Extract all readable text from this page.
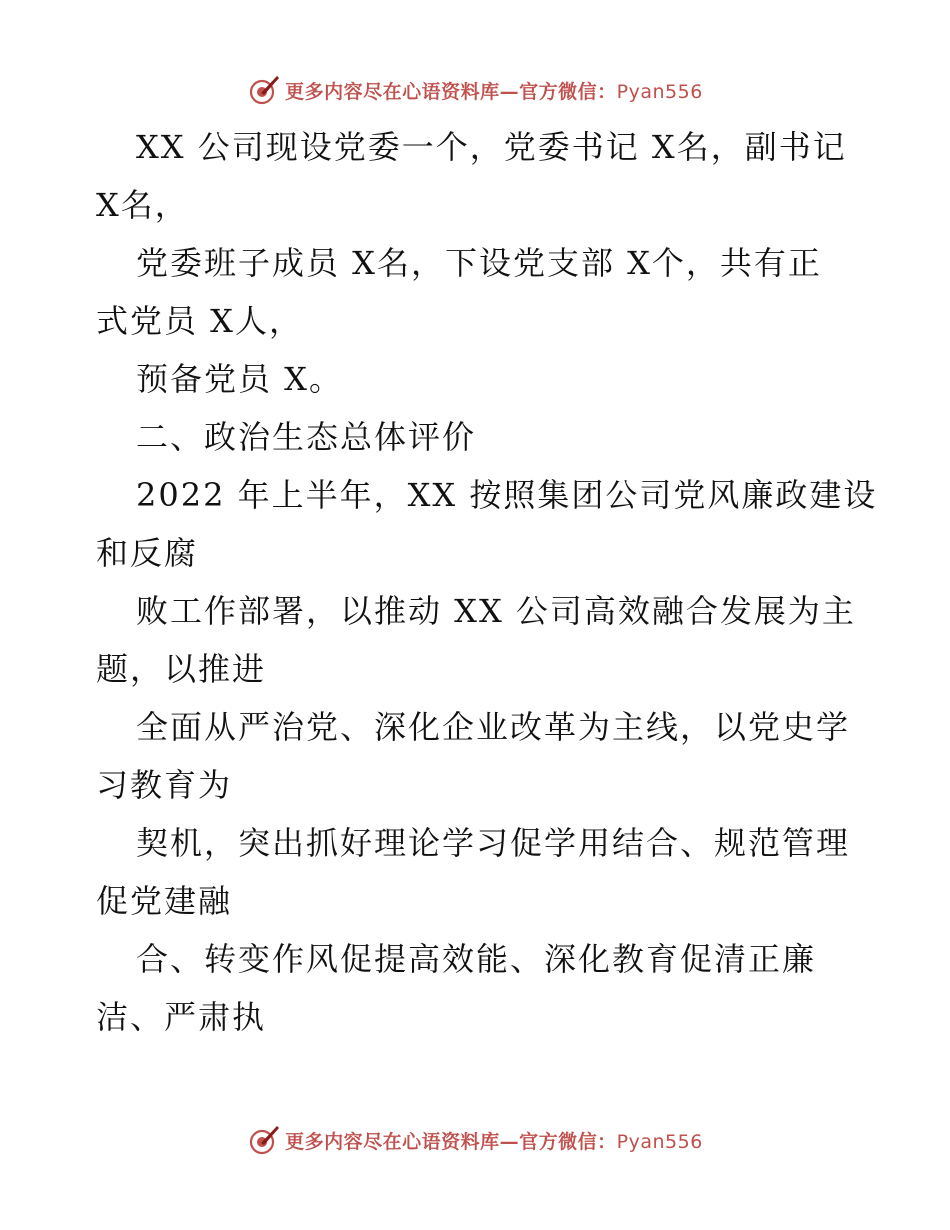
更多内容尽在心语资料库—官方微信：Pyan556
XX 公司现设党委一个，党委书记 X名，副书记
X名，
党委班子成员 X名，下设党支部 X个，共有正
式党员 X人，
预备党员 X。
二、政治生态总体评价
2022 年上半年，XX 按照集团公司党风廉政建设
和反腐
败工作部署，以推动 XX 公司高效融合发展为主
题，以推进
全面从严治党、深化企业改革为主线，以党史学
习教育为
契机，突出抓好理论学习促学用结合、规范管理
促党建融
合、转变作风促提高效能、深化教育促清正廉
洁、严肃执
更多内容尽在心语资料库—官方微信：Pyan556
